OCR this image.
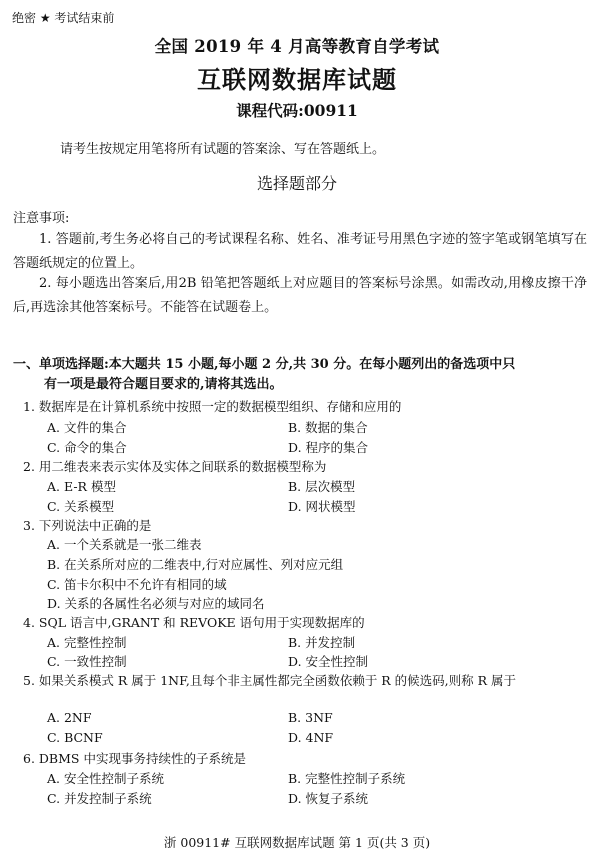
绝密 ★ 考试结束前
全国 2019 年 4 月高等教育自学考试
互联网数据库试题
课程代码:00911
请考生按规定用笔将所有试题的答案涂、写在答题纸上。
选择题部分
注意事项:
1. 答题前,考生务必将自己的考试课程名称、姓名、准考证号用黑色字迹的签字笔或钢笔填写在答题纸规定的位置上。
2. 每小题选出答案后,用2B 铅笔把答题纸上对应题目的答案标号涂黑。如需改动,用橡皮擦干净后,再选涂其他答案标号。不能答在试题卷上。
一、单项选择题:本大题共 15 小题,每小题 2 分,共 30 分。在每小题列出的备选项中只
有一项是最符合题目要求的,请将其选出。
1. 数据库是在计算机系统中按照一定的数据模型组织、存储和应用的
A. 文件的集合	B. 数据的集合
C. 命令的集合	D. 程序的集合
2. 用二维表来表示实体及实体之间联系的数据模型称为
A. E-R 模型	B. 层次模型
C. 关系模型	D. 网状模型
3. 下列说法中正确的是
A. 一个关系就是一张二维表
B. 在关系所对应的二维表中,行对应属性、列对应元组
C. 笛卡尔积中不允许有相同的域
D. 关系的各属性名必须与对应的域同名
4. SQL 语言中,GRANT 和 REVOKE 语句用于实现数据库的
A. 完整性控制	B. 并发控制
C. 一致性控制	D. 安全性控制
5. 如果关系模式 R 属于 1NF,且每个非主属性都完全函数依赖于 R 的候选码,则称 R 属于
A. 2NF	B. 3NF
C. BCNF	D. 4NF
6. DBMS 中实现事务持续性的子系统是
A. 安全性控制子系统	B. 完整性控制子系统
C. 并发控制子系统	D. 恢复子系统
浙 00911# 互联网数据库试题 第 1 页(共 3 页)
